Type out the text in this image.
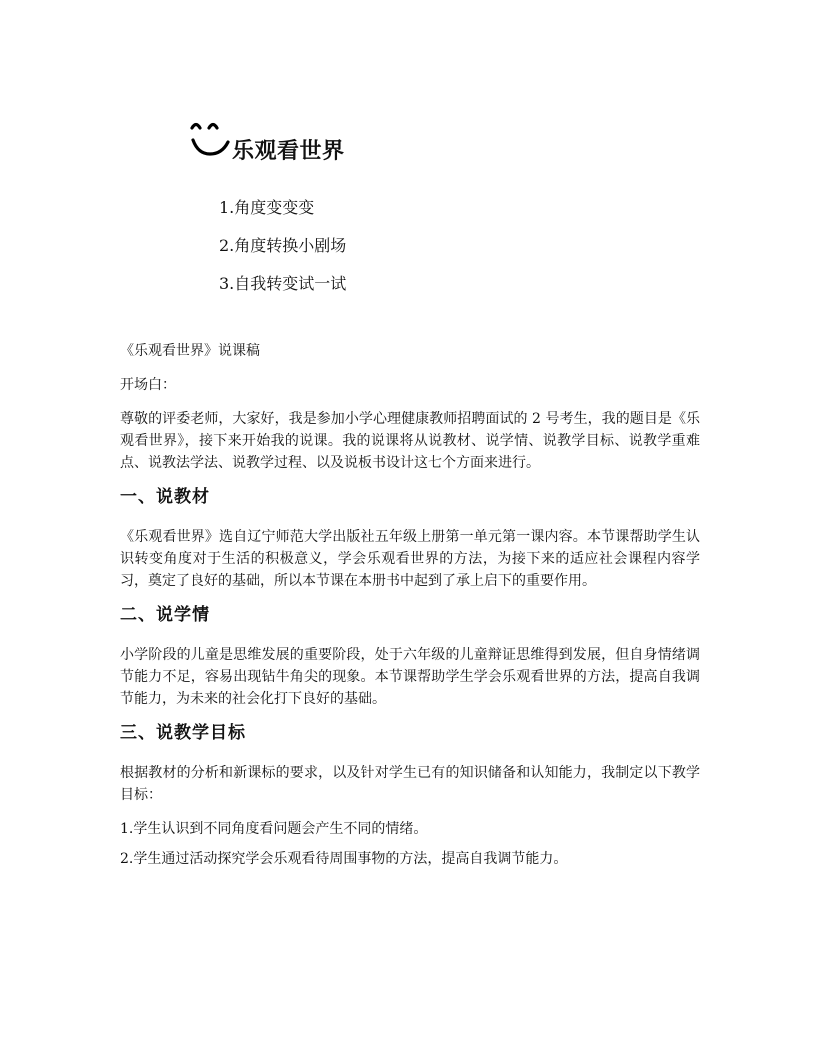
乐观看世界
1.角度变变变
2.角度转换小剧场
3.自我转变试一试

《乐观看世界》说课稿

开场白：

尊敬的评委老师，大家好，我是参加小学心理健康教师招聘面试的 2 号考生，我的题目是《乐观看世界》，接下来开始我的说课。我的说课将从说教材、说学情、说教学目标、说教学重难点、说教法学法、说教学过程、以及说板书设计这七个方面来进行。

一、说教材

《乐观看世界》选自辽宁师范大学出版社五年级上册第一单元第一课内容。本节课帮助学生认识转变角度对于生活的积极意义，学会乐观看世界的方法，为接下来的适应社会课程内容学习，奠定了良好的基础，所以本节课在本册书中起到了承上启下的重要作用。

二、说学情

小学阶段的儿童是思维发展的重要阶段，处于六年级的儿童辩证思维得到发展，但自身情绪调节能力不足，容易出现钻牛角尖的现象。本节课帮助学生学会乐观看世界的方法，提高自我调节能力，为未来的社会化打下良好的基础。

三、说教学目标

根据教材的分析和新课标的要求，以及针对学生已有的知识储备和认知能力，我制定以下教学目标：

1.学生认识到不同角度看问题会产生不同的情绪。

2.学生通过活动探究学会乐观看待周围事物的方法，提高自我调节能力。
